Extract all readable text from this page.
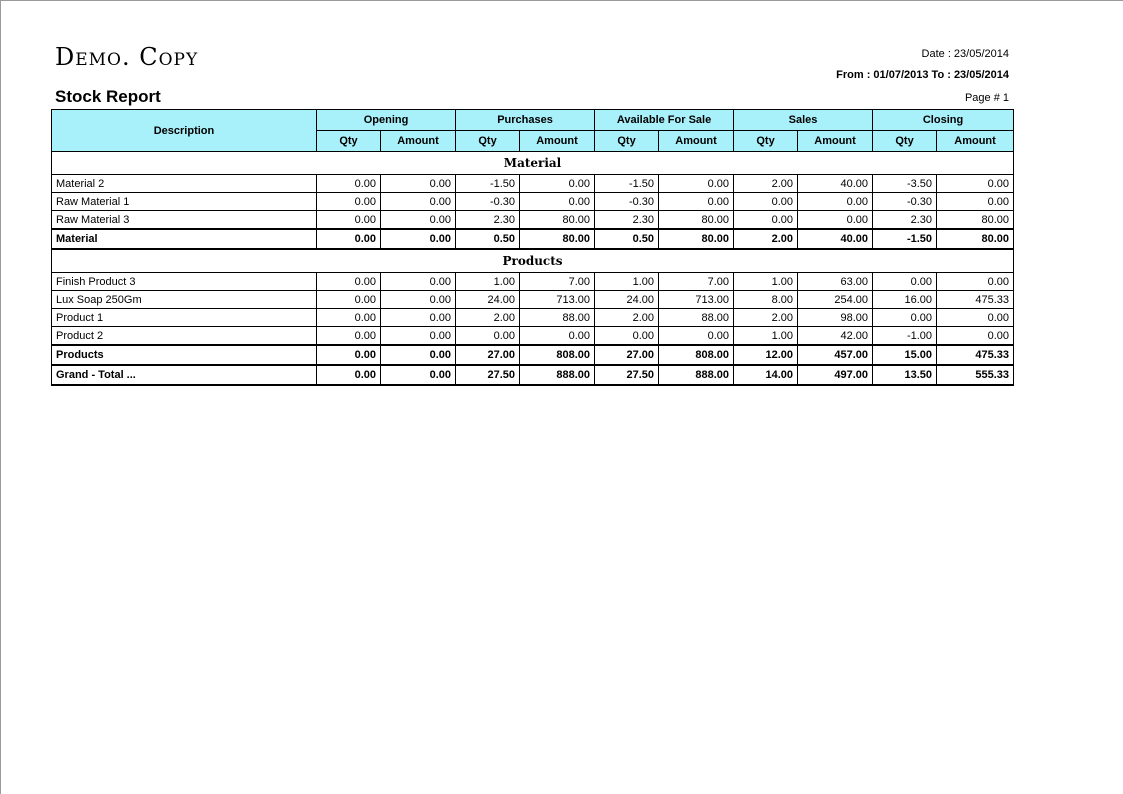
Demo. Copy
Stock Report
Date : 23/05/2014
From : 01/07/2013 To : 23/05/2014
Page # 1
Description	Opening		Purchases		Available For Sale		Sales		Closing	
	Qty	Amount	Qty	Amount	Qty	Amount	Qty	Amount	Qty	Amount
Material										
Material 2	0.00	0.00	-1.50	0.00	-1.50	0.00	2.00	40.00	-3.50	0.00
Raw Material 1	0.00	0.00	-0.30	0.00	-0.30	0.00	0.00	0.00	-0.30	0.00
Raw Material 3	0.00	0.00	2.30	80.00	2.30	80.00	0.00	0.00	2.30	80.00
Material	0.00	0.00	0.50	80.00	0.50	80.00	2.00	40.00	-1.50	80.00
Products										
Finish Product 3	0.00	0.00	1.00	7.00	1.00	7.00	1.00	63.00	0.00	0.00
Lux Soap 250Gm	0.00	0.00	24.00	713.00	24.00	713.00	8.00	254.00	16.00	475.33
Product 1	0.00	0.00	2.00	88.00	2.00	88.00	2.00	98.00	0.00	0.00
Product 2	0.00	0.00	0.00	0.00	0.00	0.00	1.00	42.00	-1.00	0.00
Products	0.00	0.00	27.00	808.00	27.00	808.00	12.00	457.00	15.00	475.33
Grand - Total ...	0.00	0.00	27.50	888.00	27.50	888.00	14.00	497.00	13.50	555.33
